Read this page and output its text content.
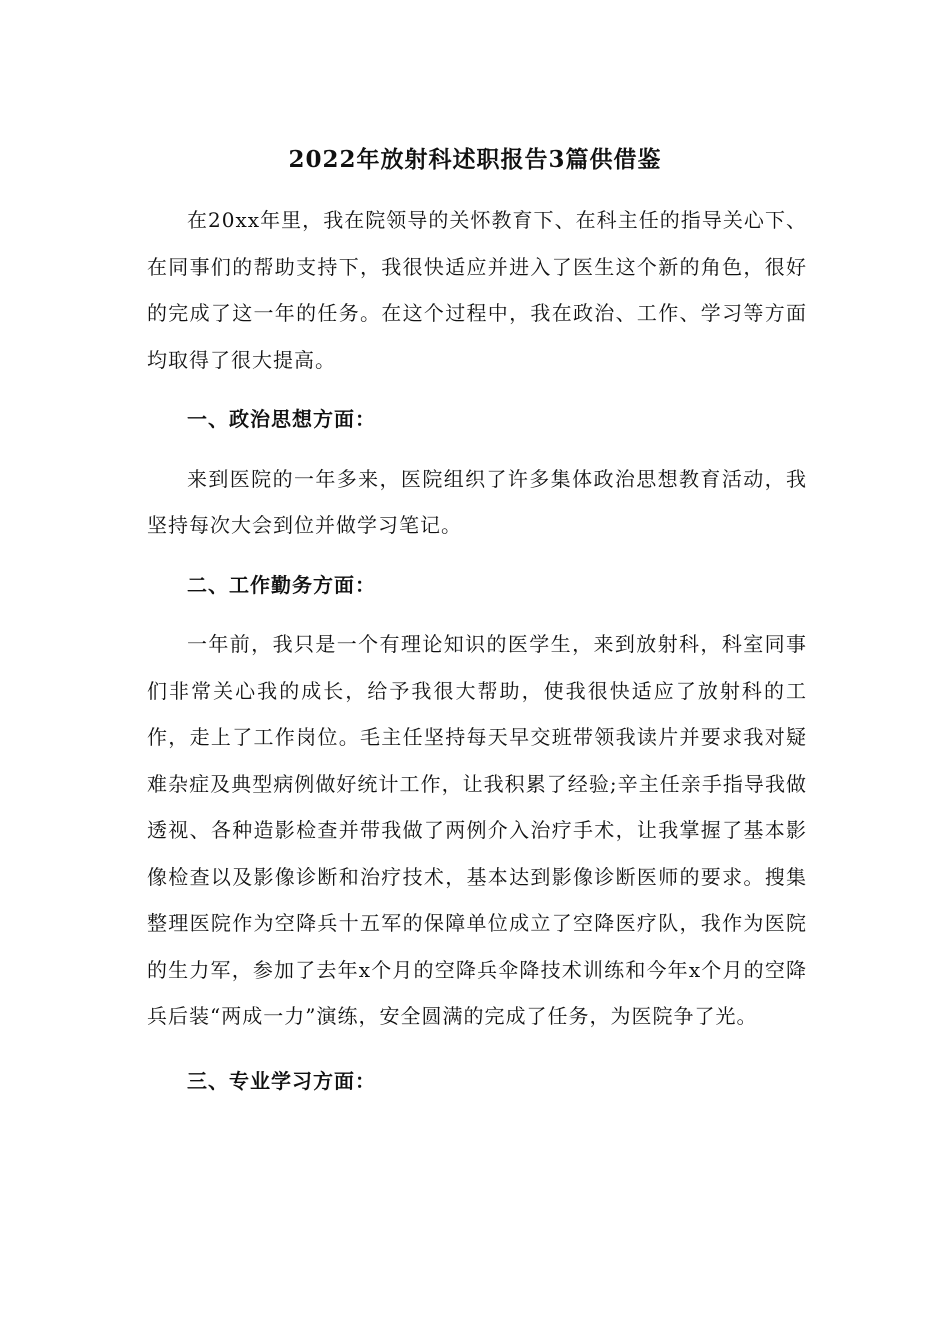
2022年放射科述职报告3篇供借鉴

在20xx年里，我在院领导的关怀教育下、在科主任的指导关心下、在同事们的帮助支持下，我很快适应并进入了医生这个新的角色，很好的完成了这一年的任务。在这个过程中，我在政治、工作、学习等方面均取得了很大提高。

一、政治思想方面：

来到医院的一年多来，医院组织了许多集体政治思想教育活动，我坚持每次大会到位并做学习笔记。

二、工作勤务方面：

一年前，我只是一个有理论知识的医学生，来到放射科，科室同事们非常关心我的成长，给予我很大帮助，使我很快适应了放射科的工作，走上了工作岗位。毛主任坚持每天早交班带领我读片并要求我对疑难杂症及典型病例做好统计工作，让我积累了经验;辛主任亲手指导我做透视、各种造影检查并带我做了两例介入治疗手术，让我掌握了基本影像检查以及影像诊断和治疗技术，基本达到影像诊断医师的要求。搜集整理医院作为空降兵十五军的保障单位成立了空降医疗队，我作为医院的生力军，参加了去年x个月的空降兵伞降技术训练和今年x个月的空降兵后装“两成一力”演练，安全圆满的完成了任务，为医院争了光。

三、专业学习方面：
